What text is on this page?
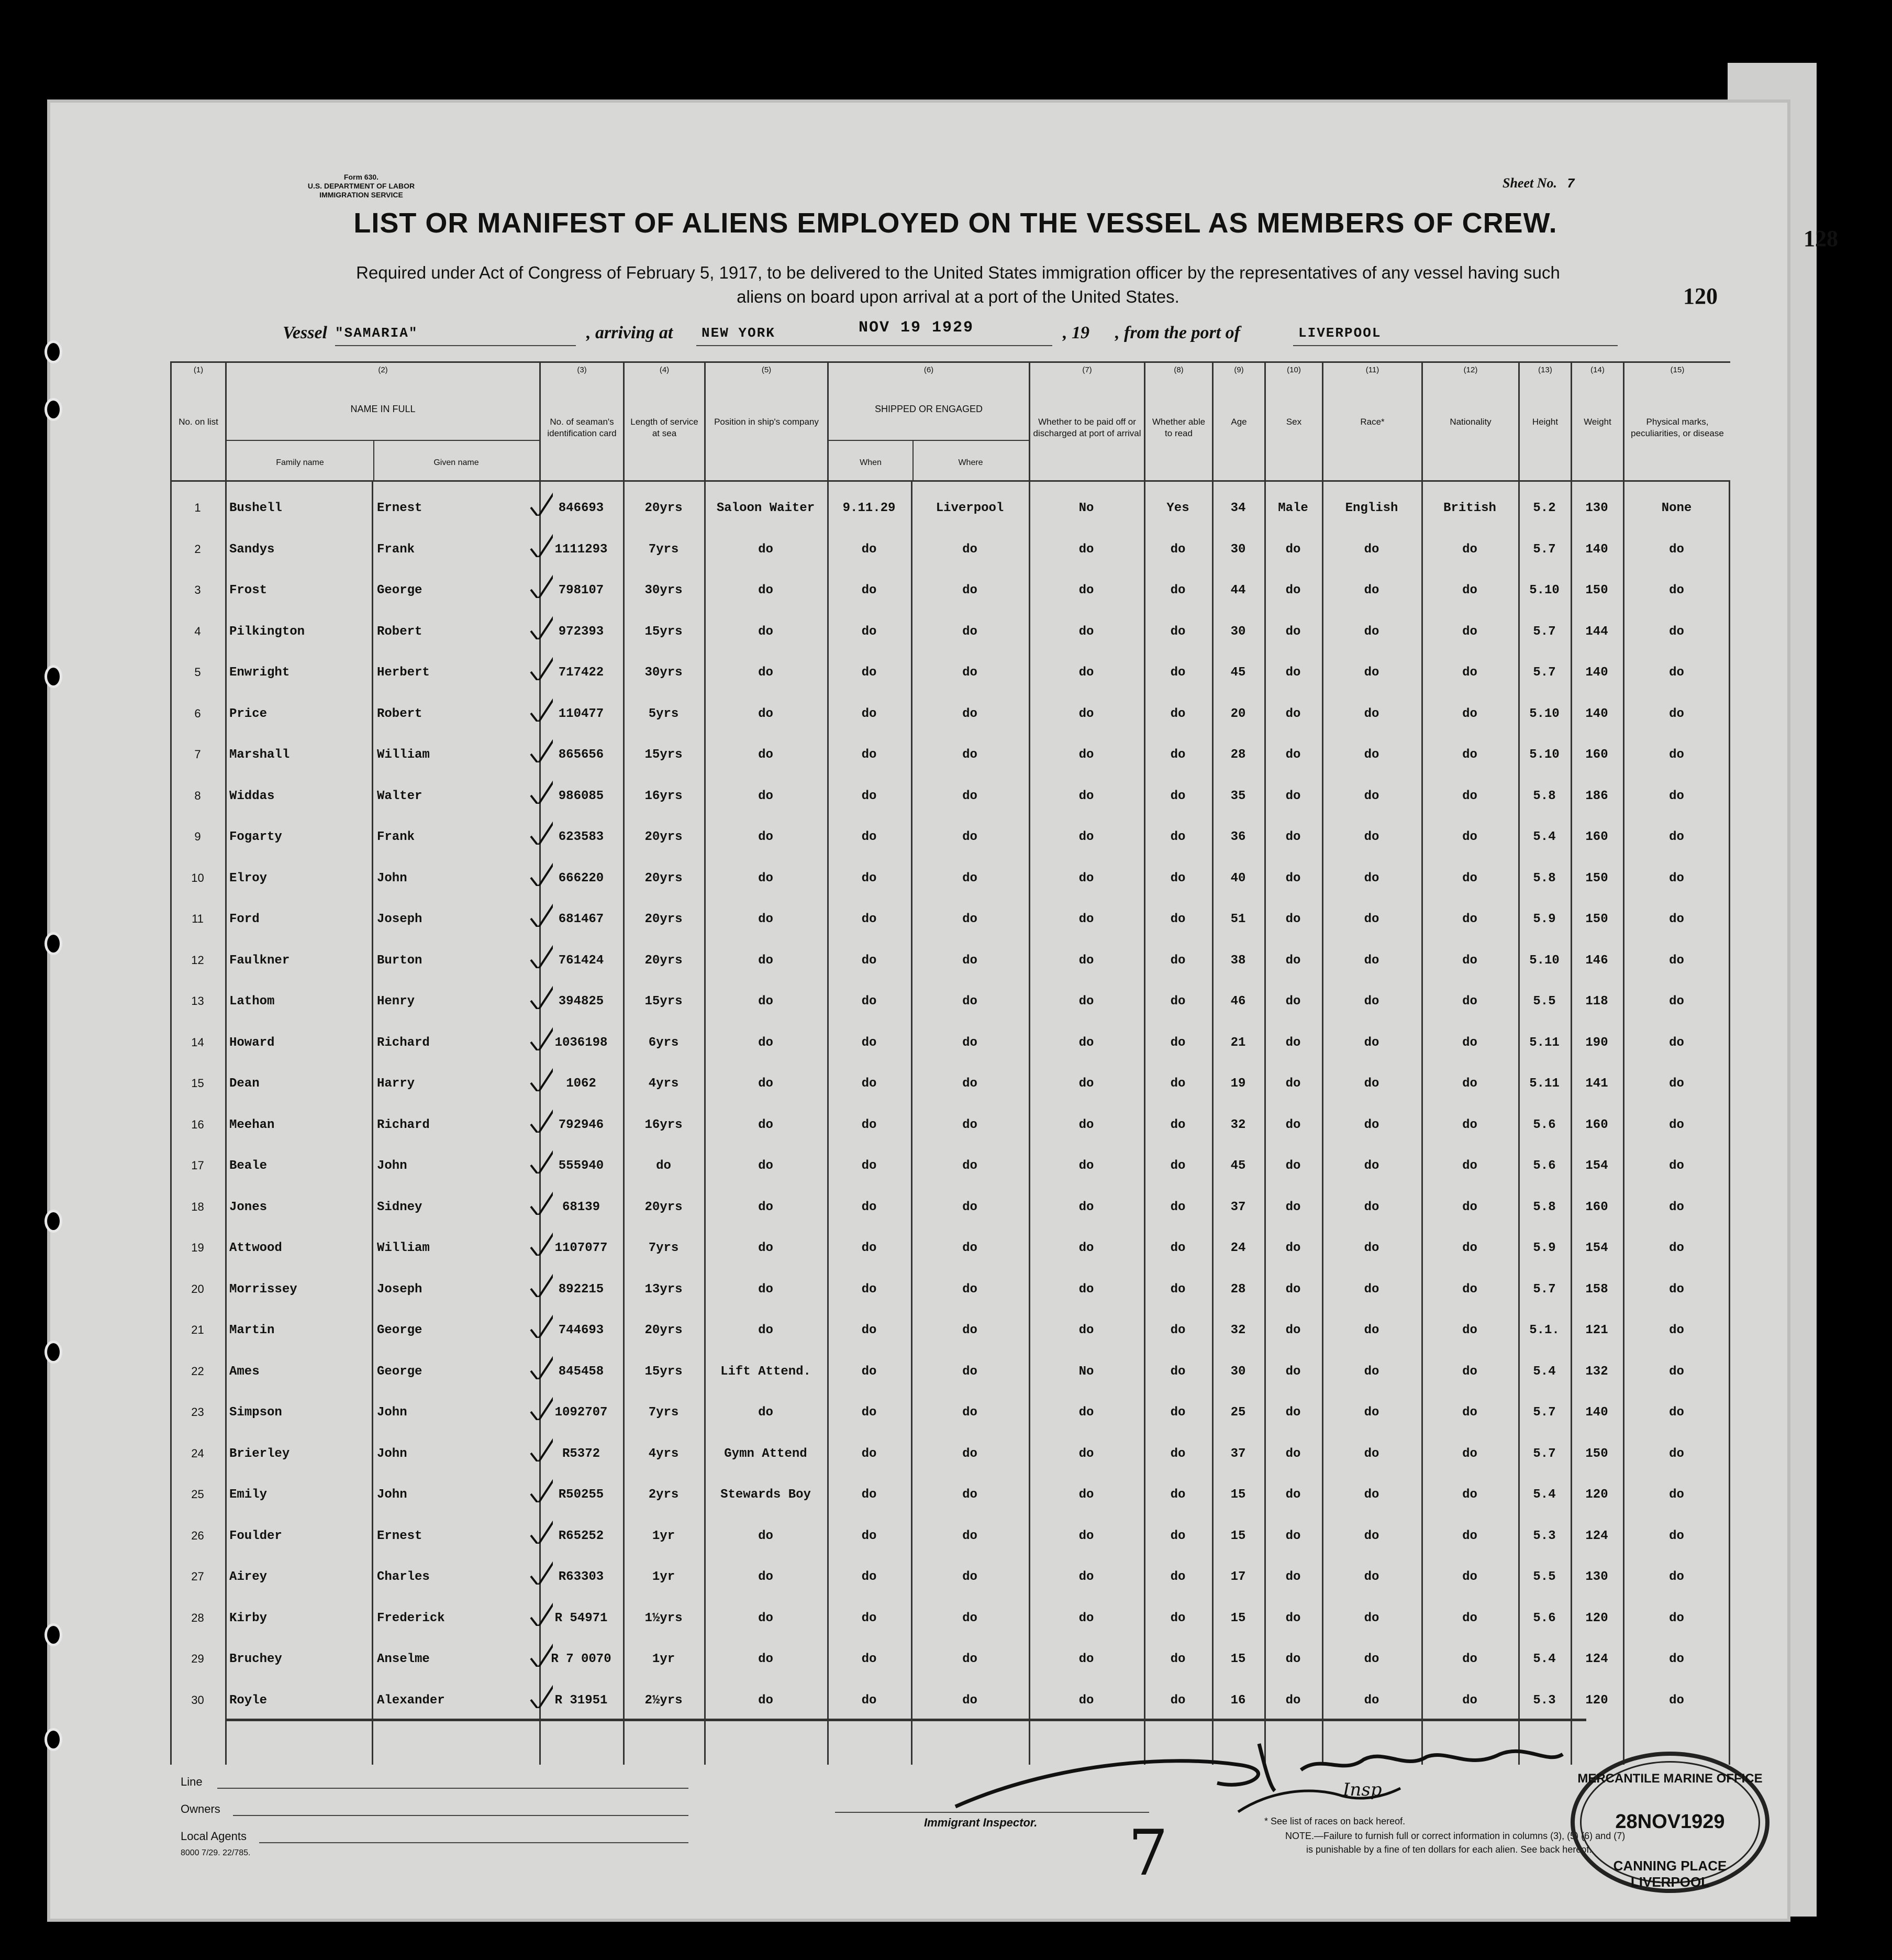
Form 630.
U.S. DEPARTMENT OF LABOR
IMMIGRATION SERVICE
Sheet No. 7
128
120
LIST OR MANIFEST OF ALIENS EMPLOYED ON THE VESSEL AS MEMBERS OF CREW.
Required under Act of Congress of February 5, 1917, to be delivered to the United States immigration officer by the representatives of any vessel having such
aliens on board upon arrival at a port of the United States.
Vessel "SAMARIA"	, arriving at NEW YORK	NOV 19 1929	, 19 , from the port of	LIVERPOOL
(1)
No. on list
(2)
NAME IN FULL
Family name	Given name
(3)
No. of seaman's identification card
(4)
Length of service at sea
(5)
Position in ship's company
(6)
SHIPPED OR ENGAGED
When	Where
(7)
Whether to be paid off or discharged at port of arrival
(8)
Whether able to read
(9)
Age
(10)
Sex
(11)
Race*
(12)
Nationality
(13)
Height
(14)
Weight
(15)
Physical marks, peculiarities, or disease
1	Bushell	Ernest	846693	20yrs	Saloon Waiter	9.11.29	Liverpool	No	Yes	34	Male	English	British	5.2	130	None
2	Sandys	Frank	1111293	7yrs	do	do	do	do	do	30	do	do	do	5.7	140	do
3	Frost	George	798107	30yrs	do	do	do	do	do	44	do	do	do	5.10	150	do
4	Pilkington	Robert	972393	15yrs	do	do	do	do	do	30	do	do	do	5.7	144	do
5	Enwright	Herbert	717422	30yrs	do	do	do	do	do	45	do	do	do	5.7	140	do
6	Price	Robert	110477	5yrs	do	do	do	do	do	20	do	do	do	5.10	140	do
7	Marshall	William	865656	15yrs	do	do	do	do	do	28	do	do	do	5.10	160	do
8	Widdas	Walter	986085	16yrs	do	do	do	do	do	35	do	do	do	5.8	186	do
9	Fogarty	Frank	623583	20yrs	do	do	do	do	do	36	do	do	do	5.4	160	do
10	Elroy	John	666220	20yrs	do	do	do	do	do	40	do	do	do	5.8	150	do
11	Ford	Joseph	681467	20yrs	do	do	do	do	do	51	do	do	do	5.9	150	do
12	Faulkner	Burton	761424	20yrs	do	do	do	do	do	38	do	do	do	5.10	146	do
13	Lathom	Henry	394825	15yrs	do	do	do	do	do	46	do	do	do	5.5	118	do
14	Howard	Richard	1036198	6yrs	do	do	do	do	do	21	do	do	do	5.11	190	do
15	Dean	Harry	1062	4yrs	do	do	do	do	do	19	do	do	do	5.11	141	do
16	Meehan	Richard	792946	16yrs	do	do	do	do	do	32	do	do	do	5.6	160	do
17	Beale	John	555940	do	do	do	do	do	do	45	do	do	do	5.6	154	do
18	Jones	Sidney	68139	20yrs	do	do	do	do	do	37	do	do	do	5.8	160	do
19	Attwood	William	1107077	7yrs	do	do	do	do	do	24	do	do	do	5.9	154	do
20	Morrissey	Joseph	892215	13yrs	do	do	do	do	do	28	do	do	do	5.7	158	do
21	Martin	George	744693	20yrs	do	do	do	do	do	32	do	do	do	5.1.	121	do
22	Ames	George	845458	15yrs	Lift Attend.	do	do	No	do	30	do	do	do	5.4	132	do
23	Simpson	John	1092707	7yrs	do	do	do	do	do	25	do	do	do	5.7	140	do
24	Brierley	John	R5372	4yrs	Gymn Attend	do	do	do	do	37	do	do	do	5.7	150	do
25	Emily	John	R50255	2yrs	Stewards Boy	do	do	do	do	15	do	do	do	5.4	120	do
26	Foulder	Ernest	R65252	1yr	do	do	do	do	do	15	do	do	do	5.3	124	do
27	Airey	Charles	R63303	1yr	do	do	do	do	do	17	do	do	do	5.5	130	do
28	Kirby	Frederick	R 54971	1½yrs	do	do	do	do	do	15	do	do	do	5.6	120	do
29	Bruchey	Anselme	R 7 0070	1yr	do	do	do	do	do	15	do	do	do	5.4	124	do
30	Royle	Alexander	R 31951	2½yrs	do	do	do	do	do	16	do	do	do	5.3	120	do
Line
Owners
Local Agents
8000 7/29. 22/785.
Immigrant Inspector. 7
Insp
* See list of races on back hereof.
NOTE.—Failure to furnish full or correct information in columns (3), (5) (6) and (7)
is punishable by a fine of ten dollars for each alien. See back hereof.
MERCANTILE MARINE OFFICE
28NOV1929
CANNING PLACE LIVERPOOL
